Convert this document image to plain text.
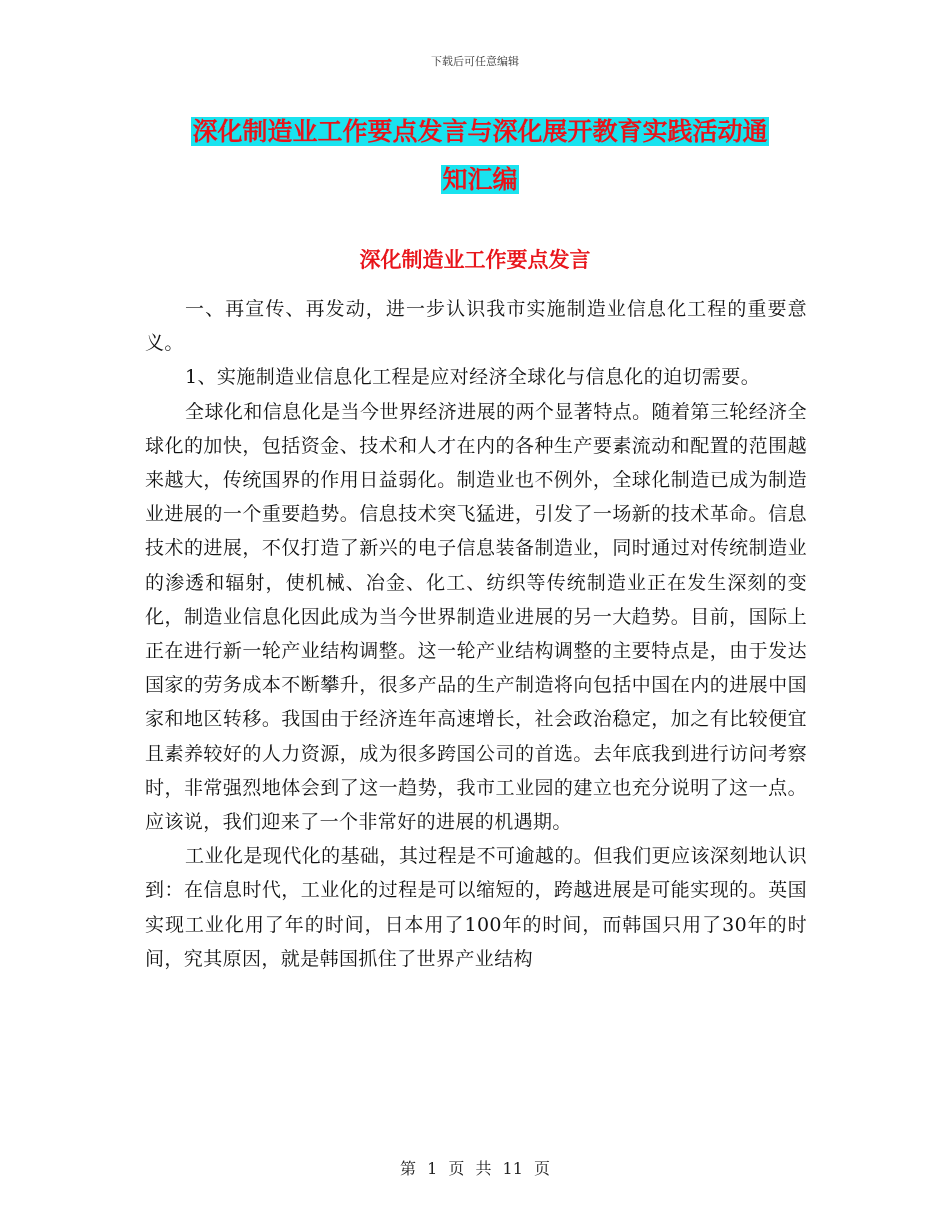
下载后可任意编辑
深化制造业工作要点发言与深化展开教育实践活动通
知汇编
深化制造业工作要点发言

一、再宣传、再发动，进一步认识我市实施制造业信息化工程的重要意义。

1、实施制造业信息化工程是应对经济全球化与信息化的迫切需要。

全球化和信息化是当今世界经济进展的两个显著特点。随着第三轮经济全球化的加快，包括资金、技术和人才在内的各种生产要素流动和配置的范围越来越大，传统国界的作用日益弱化。制造业也不例外，全球化制造已成为制造业进展的一个重要趋势。信息技术突飞猛进，引发了一场新的技术革命。信息技术的进展，不仅打造了新兴的电子信息装备制造业，同时通过对传统制造业的渗透和辐射，使机械、冶金、化工、纺织等传统制造业正在发生深刻的变化，制造业信息化因此成为当今世界制造业进展的另一大趋势。目前，国际上正在进行新一轮产业结构调整。这一轮产业结构调整的主要特点是，由于发达国家的劳务成本不断攀升，很多产品的生产制造将向包括中国在内的进展中国家和地区转移。我国由于经济连年高速增长，社会政治稳定，加之有比较便宜且素养较好的人力资源，成为很多跨国公司的首选。去年底我到进行访问考察时，非常强烈地体会到了这一趋势，我市工业园的建立也充分说明了这一点。应该说，我们迎来了一个非常好的进展的机遇期。

工业化是现代化的基础，其过程是不可逾越的。但我们更应该深刻地认识到：在信息时代，工业化的过程是可以缩短的，跨越进展是可能实现的。英国实现工业化用了年的时间，日本用了100年的时间，而韩国只用了30年的时间，究其原因，就是韩国抓住了世界产业结构

第 1 页 共 11 页
